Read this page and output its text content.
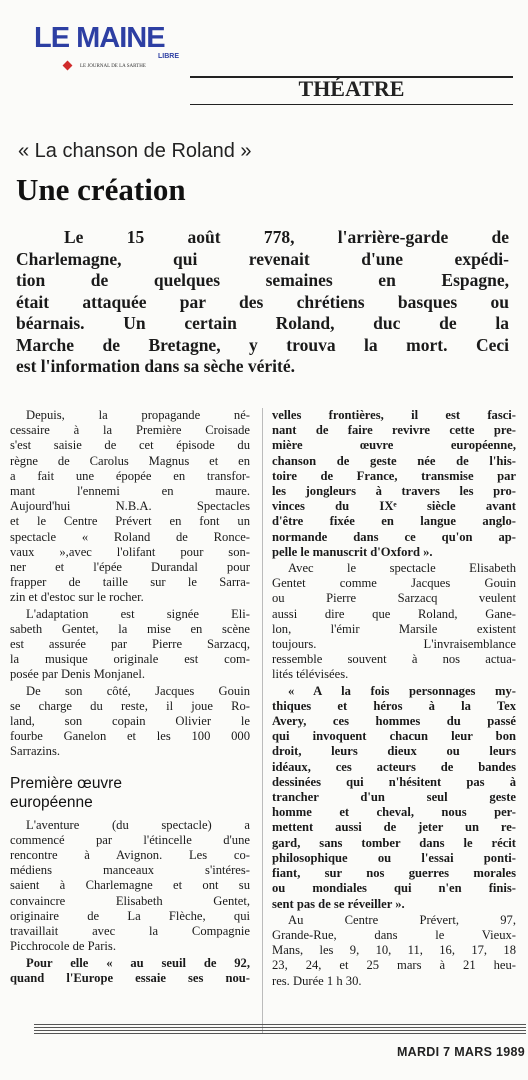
LE MAINE
LIBRE
LE JOURNAL DE LA SARTHE
THÉATRE
« La chanson de Roland »
Une création
Le 15 août 778, l'arrière-garde de
Charlemagne, qui revenait d'une expédi-
tion de quelques semaines en Espagne,
était attaquée par des chrétiens basques ou
béarnais. Un certain Roland, duc de la
Marche de Bretagne, y trouva la mort. Ceci
est l'information dans sa sèche vérité.

Depuis, la propagande né-
cessaire à la Première Croisade
s'est saisie de cet épisode du
règne de Carolus Magnus et en
a fait une épopée en transfor-
mant l'ennemi en maure.
Aujourd'hui N.B.A. Spectacles
et le Centre Prévert en font un
spectacle « Roland de Ronce-
vaux »,avec l'olifant pour son-
ner et l'épée Durandal pour
frapper de taille sur le Sarra-
zin et d'estoc sur le rocher.

L'adaptation est signée Eli-
sabeth Gentet, la mise en scène
est assurée par Pierre Sarzacq,
la musique originale est com-
posée par Denis Monjanel.

De son côté, Jacques Gouin
se charge du reste, il joue Ro-
land, son copain Olivier le
fourbe Ganelon et les 100 000
Sarrazins.

Première œuvre
européenne

L'aventure (du spectacle) a
commencé par l'étincelle d'une
rencontre à Avignon. Les co-
médiens manceaux s'intéres-
saient à Charlemagne et ont su
convaincre Elisabeth Gentet,
originaire de La Flèche, qui
travaillait avec la Compagnie
Picchrocole de Paris.

Pour elle « au seuil de 92,
quand l'Europe essaie ses nou-

velles frontières, il est fasci-
nant de faire revivre cette pre-
mière œuvre européenne,
chanson de geste née de l'his-
toire de France, transmise par
les jongleurs à travers les pro-
vinces du IXᵉ siècle avant
d'être fixée en langue anglo-
normande dans ce qu'on ap-
pelle le manuscrit d'Oxford ».

Avec le spectacle Elisabeth
Gentet comme Jacques Gouin
ou Pierre Sarzacq veulent
aussi dire que Roland, Gane-
lon, l'émir Marsile existent
toujours. L'invraisemblance
ressemble souvent à nos actua-
lités télévisées.

« A la fois personnages my-
thiques et héros à la Tex
Avery, ces hommes du passé
qui invoquent chacun leur bon
droit, leurs dieux ou leurs
idéaux, ces acteurs de bandes
dessinées qui n'hésitent pas à
trancher d'un seul geste
homme et cheval, nous per-
mettent aussi de jeter un re-
gard, sans tomber dans le récit
philosophique ou l'essai ponti-
fiant, sur nos guerres morales
ou mondiales qui n'en finis-
sent pas de se réveiller ».

Au Centre Prévert, 97,
Grande-Rue, dans le Vieux-
Mans, les 9, 10, 11, 16, 17, 18
23, 24, et 25 mars à 21 heu-
res. Durée 1 h 30.

MARDI 7 MARS 1989
